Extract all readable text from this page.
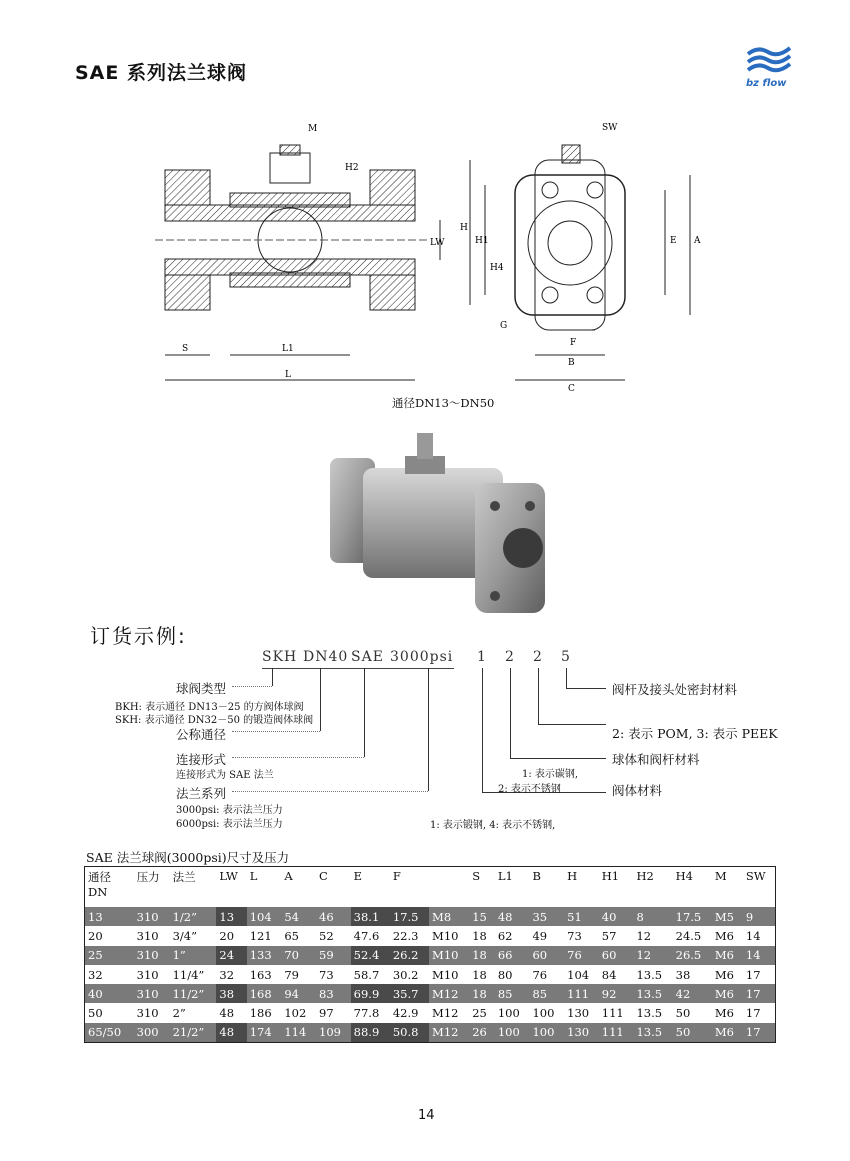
SAE 系列法兰球阀	bz flow
M
H2
SW
LW
H
H1
H4
E A
S	L1
L
G
F
B
C
通径DN13～DN50
订货示例:
SKH DN40 SAE 3000psi 1 2 2 5
阀杆及接头处密封材料
2: 表示 POM, 3: 表示 PEEK
球体和阀杆材料
1: 表示碳钢,
2: 表示不锈钢	阀体材料
1: 表示锻钢, 4: 表示不锈钢,
球阀类型
BKH: 表示通径 DN13－25 的方阀体球阀
SKH: 表示通径 DN32－50 的锻造阀体球阀
公称通径
连接形式
连接形式为 SAE 法兰
法兰系列
3000psi: 表示法兰压力
6000psi: 表示法兰压力
SAE 法兰球阀(3000psi)尺寸及压力
通径
DN	压力	法兰	LW	L	A	C	E	F		S	L1	B	H	H1	H2	H4	M	SW
13	310	1/2”	13	104	54	46	38.1	17.5	M8	15	48	35	51	40	8	17.5	M5	9
20	310	3/4”	20	121	65	52	47.6	22.3	M10	18	62	49	73	57	12	24.5	M6	14
25	310	1”	24	133	70	59	52.4	26.2	M10	18	66	60	76	60	12	26.5	M6	14
32	310	11/4”	32	163	79	73	58.7	30.2	M10	18	80	76	104	84	13.5	38	M6	17
40	310	11/2”	38	168	94	83	69.9	35.7	M12	18	85	85	111	92	13.5	42	M6	17
50	310	2”	48	186	102	97	77.8	42.9	M12	25	100	100	130	111	13.5	50	M6	17
65/50	300	21/2”	48	174	114	109	88.9	50.8	M12	26	100	100	130	111	13.5	50	M6	17
14
